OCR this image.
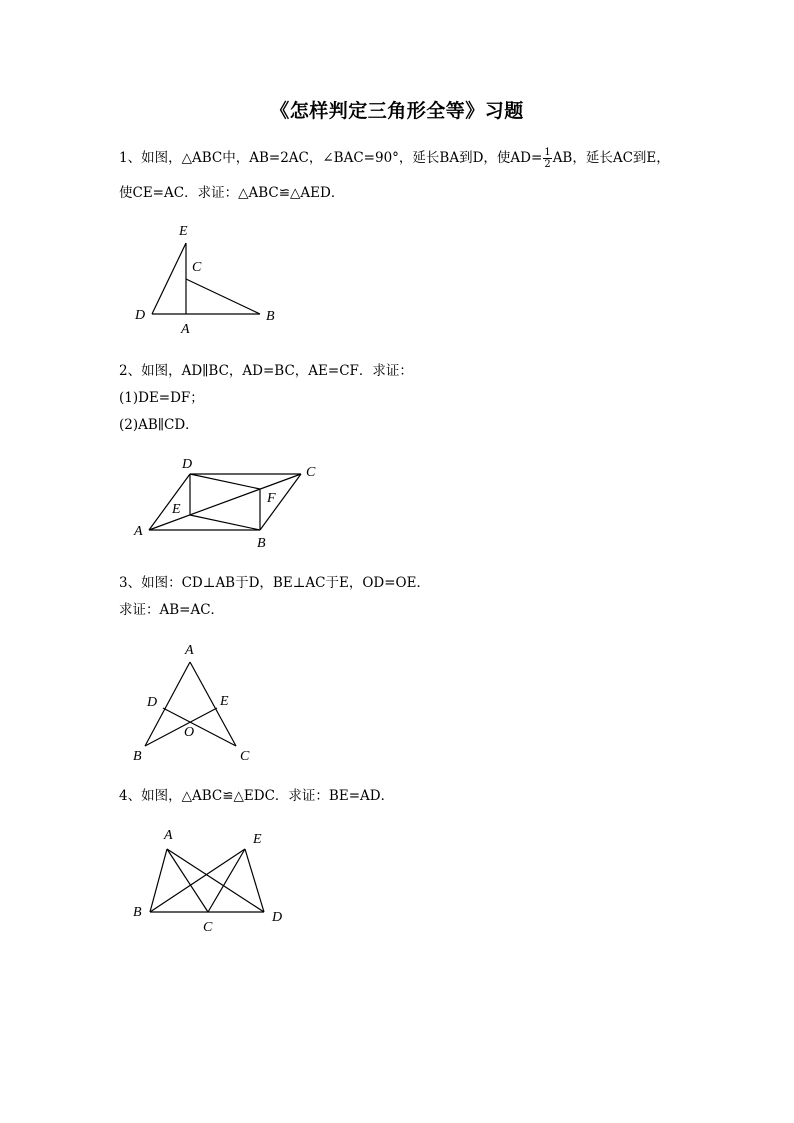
《怎样判定三角形全等》习题
1、如图，△ABC中，AB=2AC，∠BAC=90°，延长BA到D，使$AD= \frac{1}{2}$ AB，延长AC到E，
使CE=AC．求证：△ABC≌△AED．
2、如图，AD∥BC，AD=BC，AE=CF．求证：
(1)DE=DF；
(2)AB∥CD．
3、如图：CD⊥AB于D，BE⊥AC于E，OD=OE．
求证：AB=AC．
4、如图，△ABC≌△EDC．求证：BE=AD．
E
C
D
A
B
D
C
F
E
A
B
A
D	E
O
B	C
A	E
B	D
C
